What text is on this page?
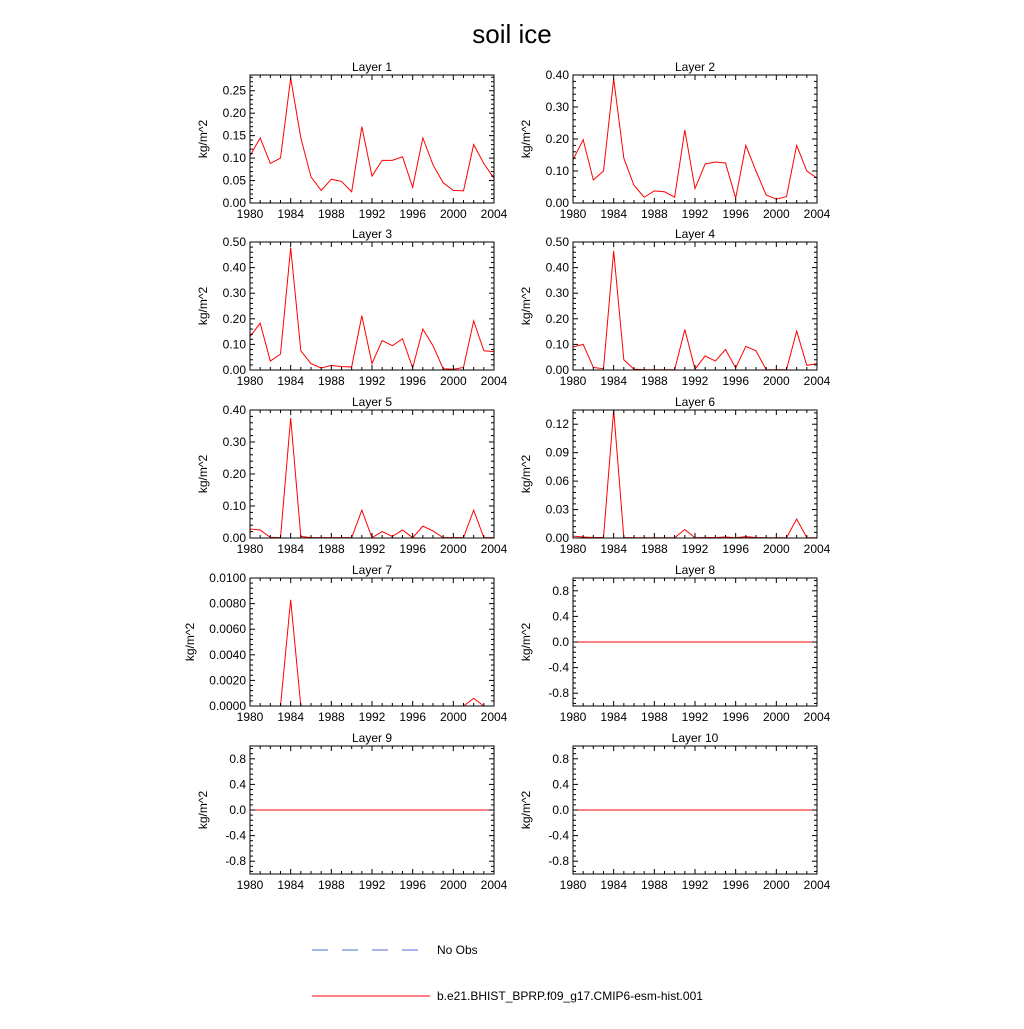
soil ice
Layer 1
1980 1984 1988 1992 1996 2000 2004
0.00
0.05
0.10
0.15
0.20
0.25
kg/m^2
Layer 2
1980 1984 1988 1992 1996 2000 2004
0.00
0.10
0.20
0.30
0.40
kg/m^2
Layer 3
1980 1984 1988 1992 1996 2000 2004
0.00
0.10
0.20
0.30
0.40
0.50
kg/m^2
Layer 4
1980 1984 1988 1992 1996 2000 2004
0.00
0.10
0.20
0.30
0.40
0.50
kg/m^2
Layer 5
1980 1984 1988 1992 1996 2000 2004
0.00
0.10
0.20
0.30
0.40
kg/m^2
Layer 6
1980 1984 1988 1992 1996 2000 2004
0.00
0.03
0.06
0.09
0.12
kg/m^2
Layer 7
1980 1984 1988 1992 1996 2000 2004
0.0000
0.0020
0.0040
0.0060
0.0080
0.0100
kg/m^2
Layer 8
1980 1984 1988 1992 1996 2000 2004
-0.8
-0.4
0.0
0.4
0.8
kg/m^2
Layer 9
1980 1984 1988 1992 1996 2000 2004
-0.8
-0.4
0.0
0.4
0.8
kg/m^2
Layer 10
1980 1984 1988 1992 1996 2000 2004
-0.8
-0.4
0.0
0.4
0.8
kg/m^2
No Obs
b.e21.BHIST_BPRP.f09_g17.CMIP6-esm-hist.001
